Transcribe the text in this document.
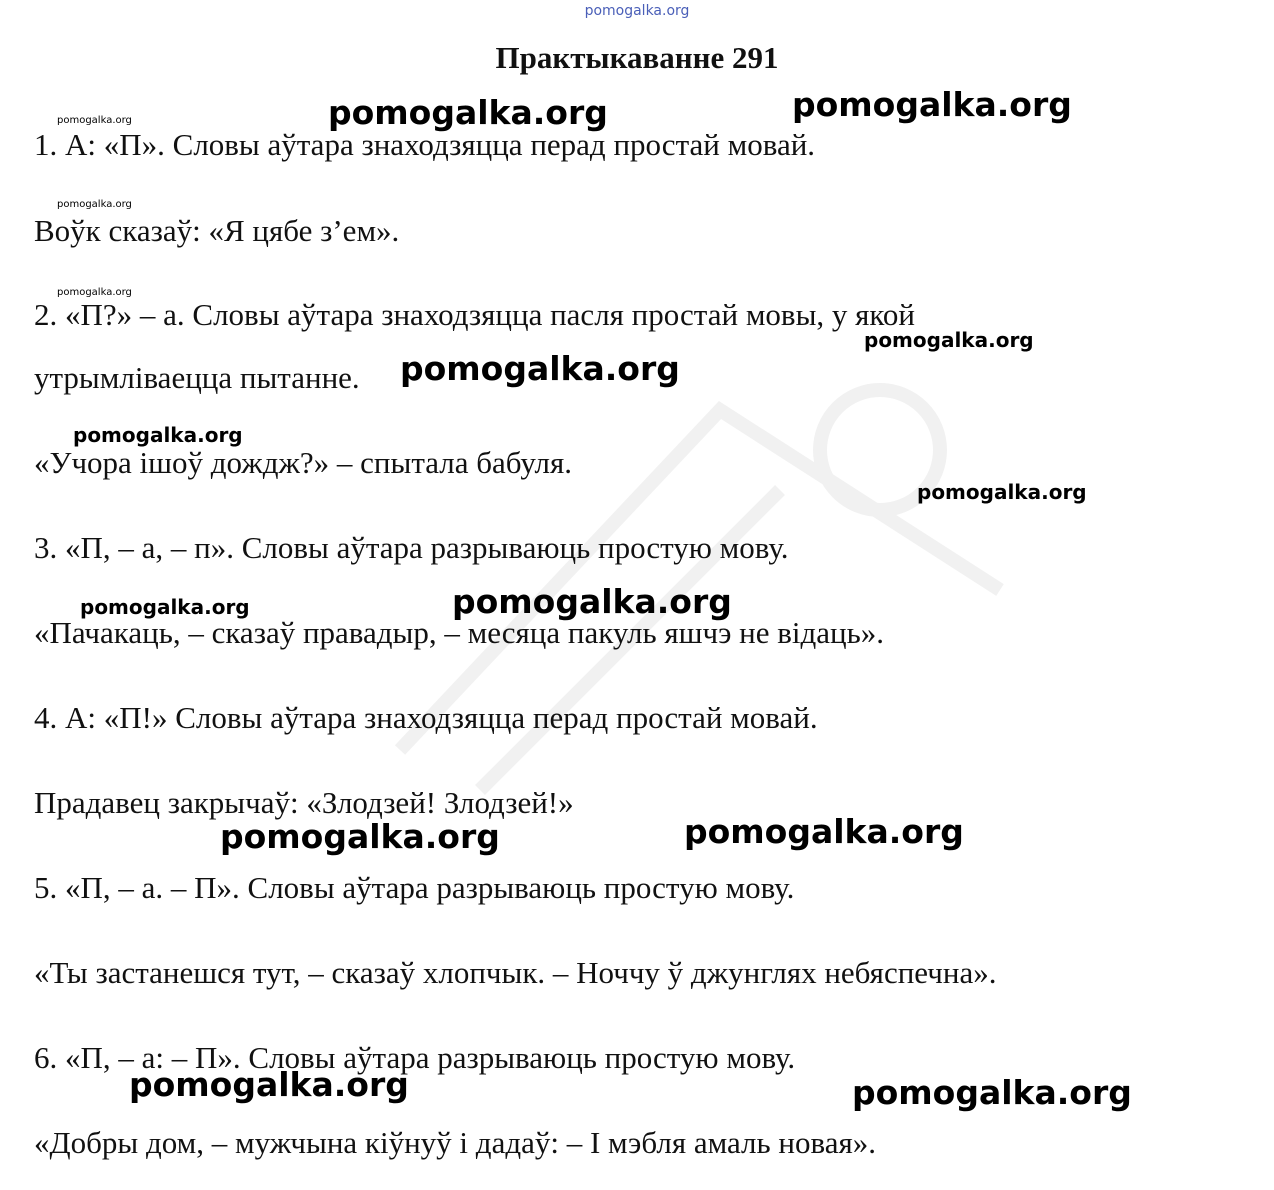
pomogalka.org
Практыкаванне 291
1. А: «П». Словы аўтара знаходзяцца перад простай мовай.
Воўк сказаў: «Я цябе з’ем».
2. «П?» – а. Словы аўтара знаходзяцца пасля простай мовы, у якой
утрымліваецца пытанне.
«Учора ішоў дождж?» – спытала бабуля.
3. «П, – а, – п». Словы аўтара разрываюць простую мову.
«Пачакаць, – сказаў правадыр, – месяца пакуль яшчэ не відаць».
4. А: «П!» Словы аўтара знаходзяцца перад простай мовай.
Прадавец закрычаў: «Злодзей! Злодзей!»
5. «П, – а. – П». Словы аўтара разрываюць простую мову.
«Ты застанешся тут, – сказаў хлопчык. – Ноччу ў джунглях небяспечна».
6. «П, – а: – П». Словы аўтара разрываюць простую мову.
«Добры дом, – мужчына кіўнуў і дадаў: – І мэбля амаль новая».
pomogalka.org	pomogalka.org	pomogalka.org
pomogalka.org
pomogalka.org
pomogalka.org
pomogalka.org
pomogalka.org
pomogalka.org
pomogalka.org	pomogalka.org
pomogalka.org	pomogalka.org
pomogalka.org	pomogalka.org
